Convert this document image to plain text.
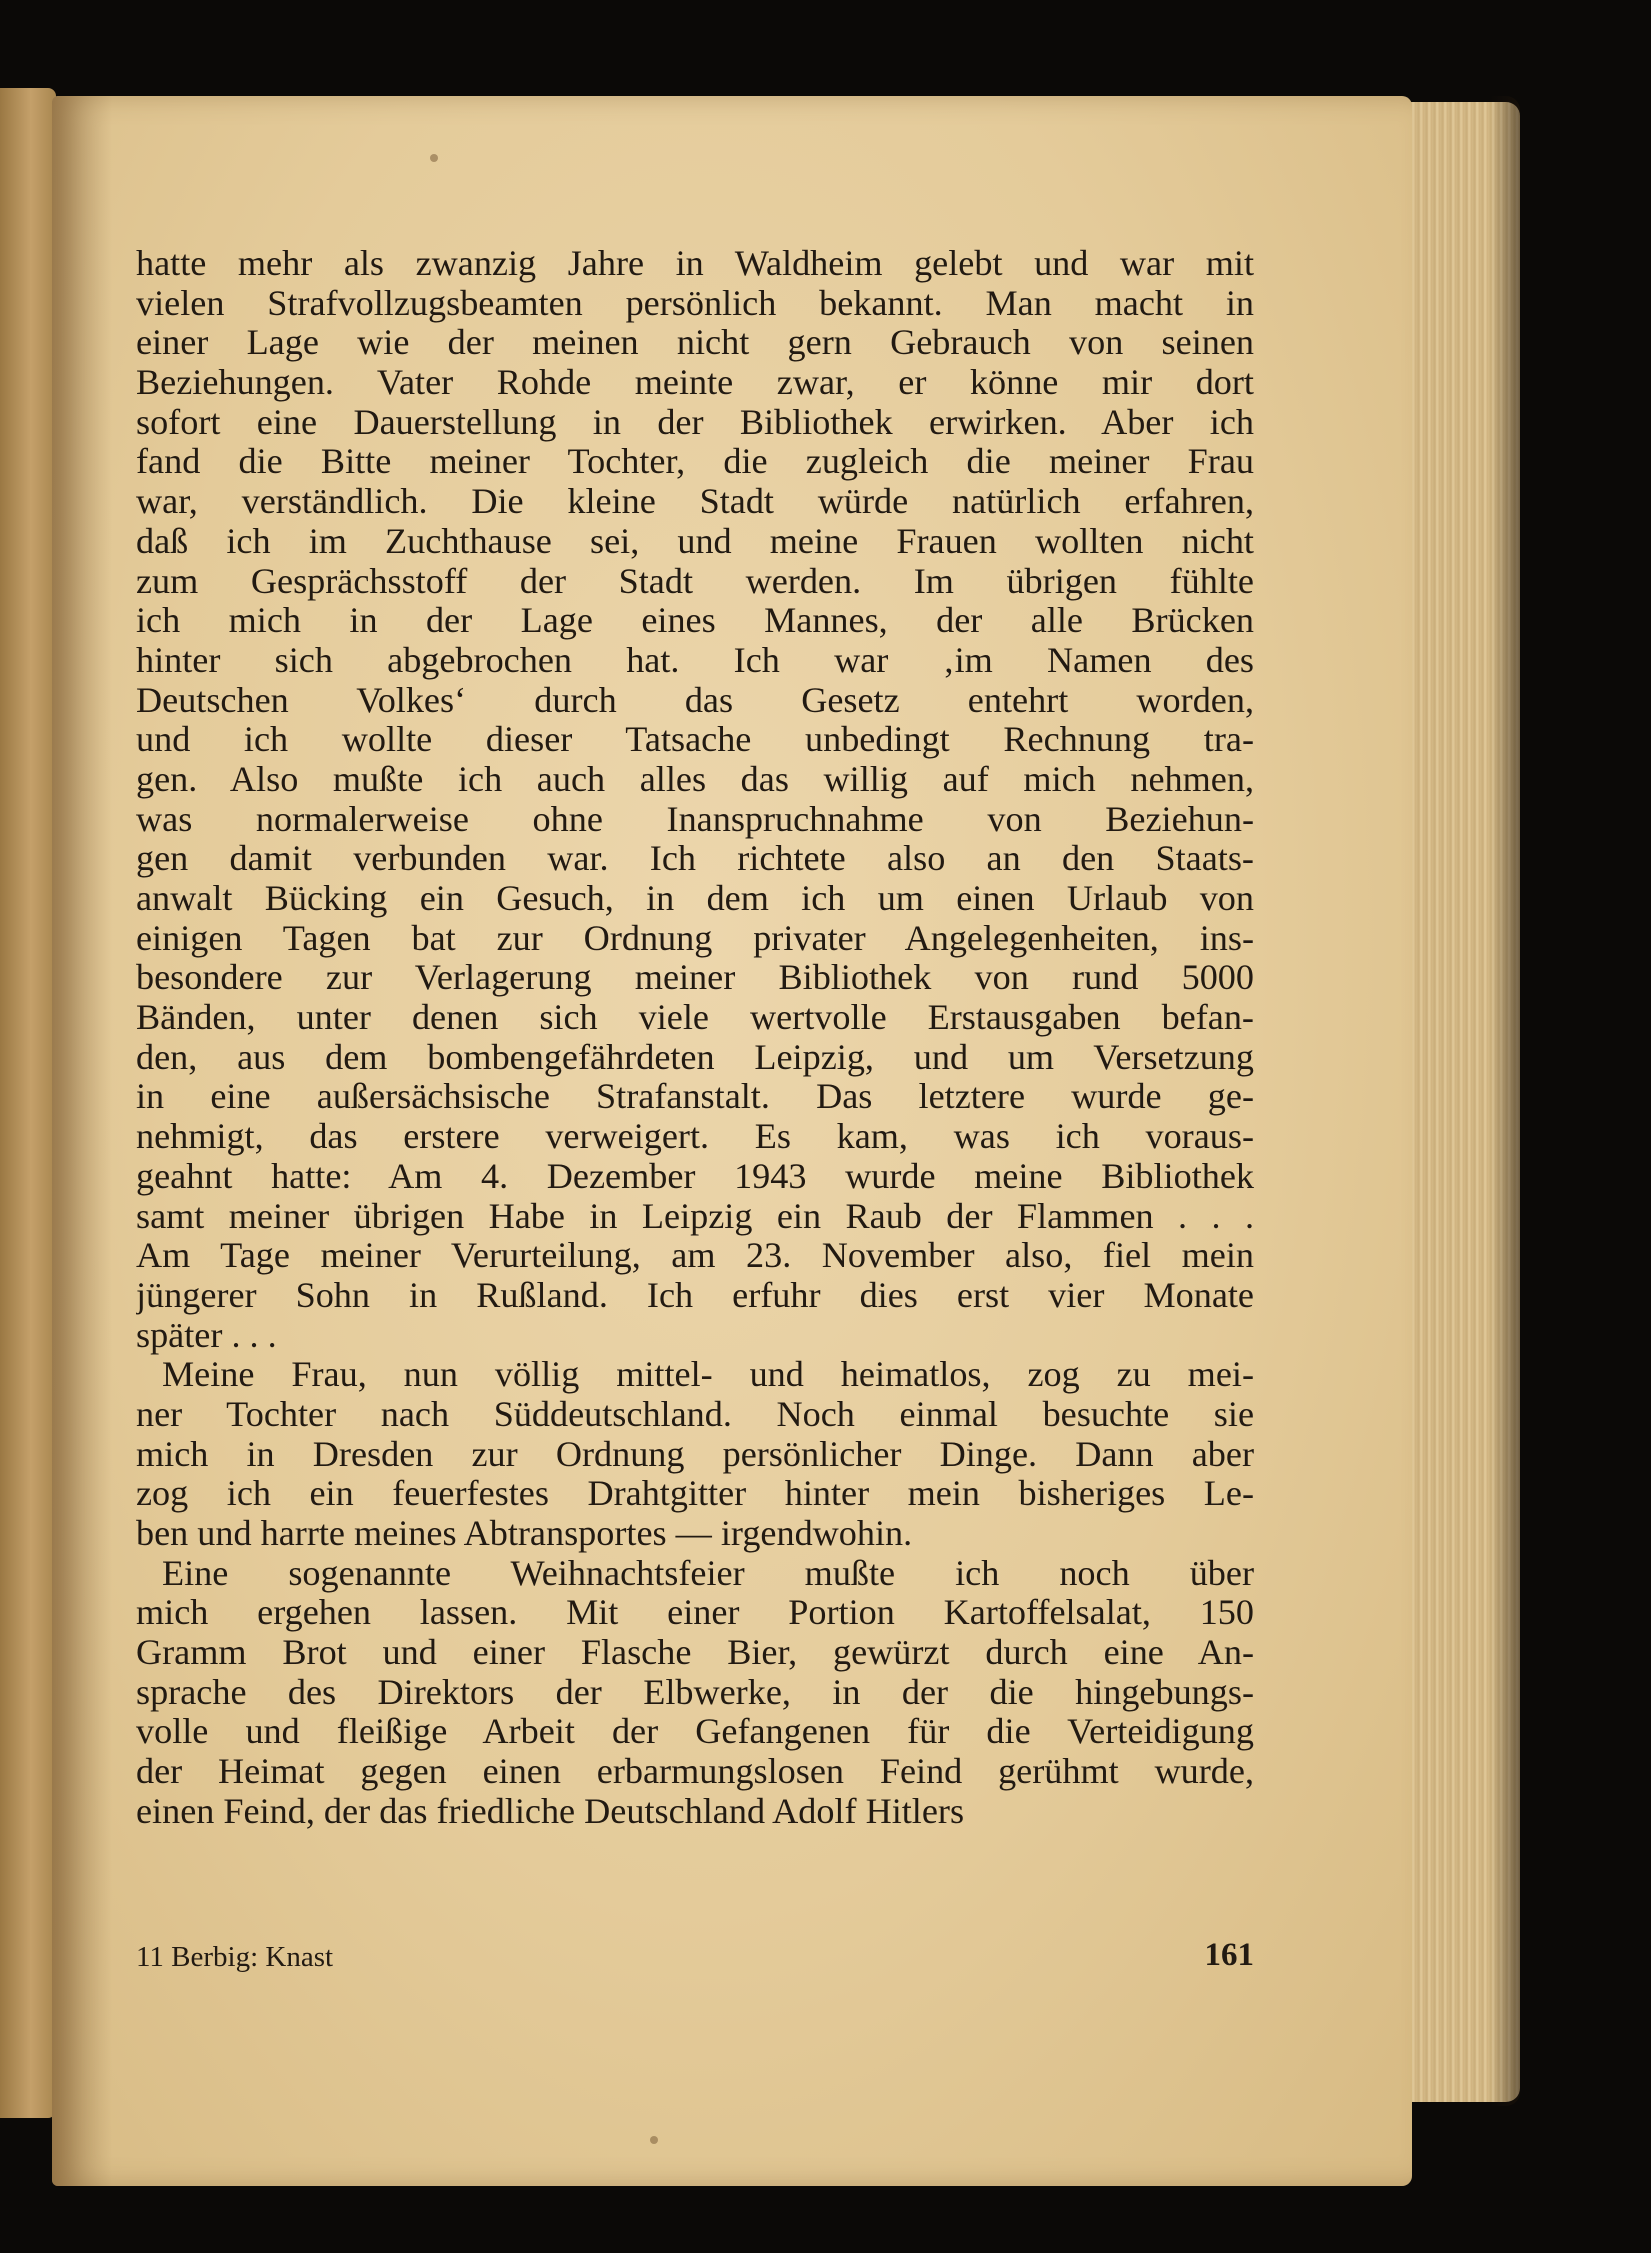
hatte mehr als zwanzig Jahre in Waldheim gelebt und war mit
vielen Strafvollzugsbeamten persönlich bekannt. Man macht in
einer Lage wie der meinen nicht gern Gebrauch von seinen
Beziehungen. Vater Rohde meinte zwar, er könne mir dort
sofort eine Dauerstellung in der Bibliothek erwirken. Aber ich
fand die Bitte meiner Tochter, die zugleich die meiner Frau
war, verständlich. Die kleine Stadt würde natürlich erfahren,
daß ich im Zuchthause sei, und meine Frauen wollten nicht
zum Gesprächsstoff der Stadt werden. Im übrigen fühlte
ich mich in der Lage eines Mannes, der alle Brücken
hinter sich abgebrochen hat. Ich war ‚im Namen des
Deutschen Volkes‘ durch das Gesetz entehrt worden,
und ich wollte dieser Tatsache unbedingt Rechnung tra-
gen. Also mußte ich auch alles das willig auf mich nehmen,
was normalerweise ohne Inanspruchnahme von Beziehun-
gen damit verbunden war. Ich richtete also an den Staats-
anwalt Bücking ein Gesuch, in dem ich um einen Urlaub von
einigen Tagen bat zur Ordnung privater Angelegenheiten, ins-
besondere zur Verlagerung meiner Bibliothek von rund 5000
Bänden, unter denen sich viele wertvolle Erstausgaben befan-
den, aus dem bombengefährdeten Leipzig, und um Versetzung
in eine außersächsische Strafanstalt. Das letztere wurde ge-
nehmigt, das erstere verweigert. Es kam, was ich voraus-
geahnt hatte: Am 4. Dezember 1943 wurde meine Bibliothek
samt meiner übrigen Habe in Leipzig ein Raub der Flammen . . .
Am Tage meiner Verurteilung, am 23. November also, fiel mein
jüngerer Sohn in Rußland. Ich erfuhr dies erst vier Monate
später . . .
Meine Frau, nun völlig mittel- und heimatlos, zog zu mei-
ner Tochter nach Süddeutschland. Noch einmal besuchte sie
mich in Dresden zur Ordnung persönlicher Dinge. Dann aber
zog ich ein feuerfestes Drahtgitter hinter mein bisheriges Le-
ben und harrte meines Abtransportes — irgendwohin.
Eine sogenannte Weihnachtsfeier mußte ich noch über
mich ergehen lassen. Mit einer Portion Kartoffelsalat, 150
Gramm Brot und einer Flasche Bier, gewürzt durch eine An-
sprache des Direktors der Elbwerke, in der die hingebungs-
volle und fleißige Arbeit der Gefangenen für die Verteidigung
der Heimat gegen einen erbarmungslosen Feind gerühmt wurde,
einen Feind, der das friedliche Deutschland Adolf Hitlers
11 Berbig: Knast	161
